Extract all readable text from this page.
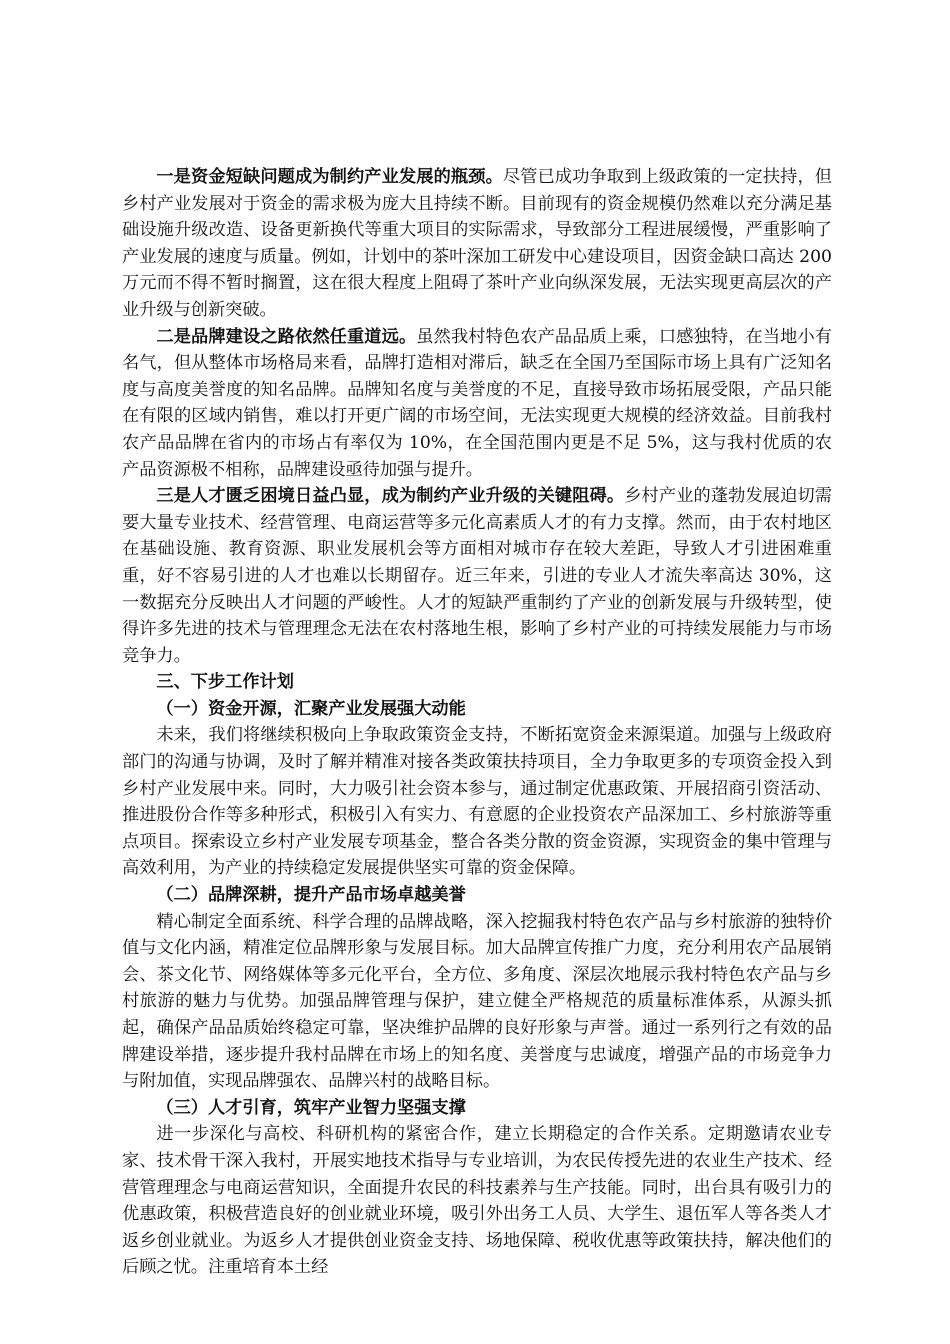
一是资金短缺问题成为制约产业发展的瓶颈。尽管已成功争取到上级政策的一定扶持，但乡村产业发展对于资金的需求极为庞大且持续不断。目前现有的资金规模仍然难以充分满足基础设施升级改造、设备更新换代等重大项目的实际需求，导致部分工程进展缓慢，严重影响了产业发展的速度与质量。例如，计划中的茶叶深加工研发中心建设项目，因资金缺口高达 200 万元而不得不暂时搁置，这在很大程度上阻碍了茶叶产业向纵深发展，无法实现更高层次的产业升级与创新突破。

二是品牌建设之路依然任重道远。虽然我村特色农产品品质上乘，口感独特，在当地小有名气，但从整体市场格局来看，品牌打造相对滞后，缺乏在全国乃至国际市场上具有广泛知名度与高度美誉度的知名品牌。品牌知名度与美誉度的不足，直接导致市场拓展受限，产品只能在有限的区域内销售，难以打开更广阔的市场空间，无法实现更大规模的经济效益。目前我村农产品品牌在省内的市场占有率仅为 10%，在全国范围内更是不足 5%，这与我村优质的农产品资源极不相称，品牌建设亟待加强与提升。

三是人才匮乏困境日益凸显，成为制约产业升级的关键阻碍。乡村产业的蓬勃发展迫切需要大量专业技术、经营管理、电商运营等多元化高素质人才的有力支撑。然而，由于农村地区在基础设施、教育资源、职业发展机会等方面相对城市存在较大差距，导致人才引进困难重重，好不容易引进的人才也难以长期留存。近三年来，引进的专业人才流失率高达 30%，这一数据充分反映出人才问题的严峻性。人才的短缺严重制约了产业的创新发展与升级转型，使得许多先进的技术与管理理念无法在农村落地生根，影响了乡村产业的可持续发展能力与市场竞争力。

三、下步工作计划

（一）资金开源，汇聚产业发展强大动能

未来，我们将继续积极向上争取政策资金支持，不断拓宽资金来源渠道。加强与上级政府部门的沟通与协调，及时了解并精准对接各类政策扶持项目，全力争取更多的专项资金投入到乡村产业发展中来。同时，大力吸引社会资本参与，通过制定优惠政策、开展招商引资活动、推进股份合作等多种形式，积极引入有实力、有意愿的企业投资农产品深加工、乡村旅游等重点项目。探索设立乡村产业发展专项基金，整合各类分散的资金资源，实现资金的集中管理与高效利用，为产业的持续稳定发展提供坚实可靠的资金保障。

（二）品牌深耕，提升产品市场卓越美誉

精心制定全面系统、科学合理的品牌战略，深入挖掘我村特色农产品与乡村旅游的独特价值与文化内涵，精准定位品牌形象与发展目标。加大品牌宣传推广力度，充分利用农产品展销会、茶文化节、网络媒体等多元化平台，全方位、多角度、深层次地展示我村特色农产品与乡村旅游的魅力与优势。加强品牌管理与保护，建立健全严格规范的质量标准体系，从源头抓起，确保产品品质始终稳定可靠，坚决维护品牌的良好形象与声誉。通过一系列行之有效的品牌建设举措，逐步提升我村品牌在市场上的知名度、美誉度与忠诚度，增强产品的市场竞争力与附加值，实现品牌强农、品牌兴村的战略目标。

（三）人才引育，筑牢产业智力坚强支撑

进一步深化与高校、科研机构的紧密合作，建立长期稳定的合作关系。定期邀请农业专家、技术骨干深入我村，开展实地技术指导与专业培训，为农民传授先进的农业生产技术、经营管理理念与电商运营知识，全面提升农民的科技素养与生产技能。同时，出台具有吸引力的优惠政策，积极营造良好的创业就业环境，吸引外出务工人员、大学生、退伍军人等各类人才返乡创业就业。为返乡人才提供创业资金支持、场地保障、税收优惠等政策扶持，解决他们的后顾之忧。注重培育本土经
